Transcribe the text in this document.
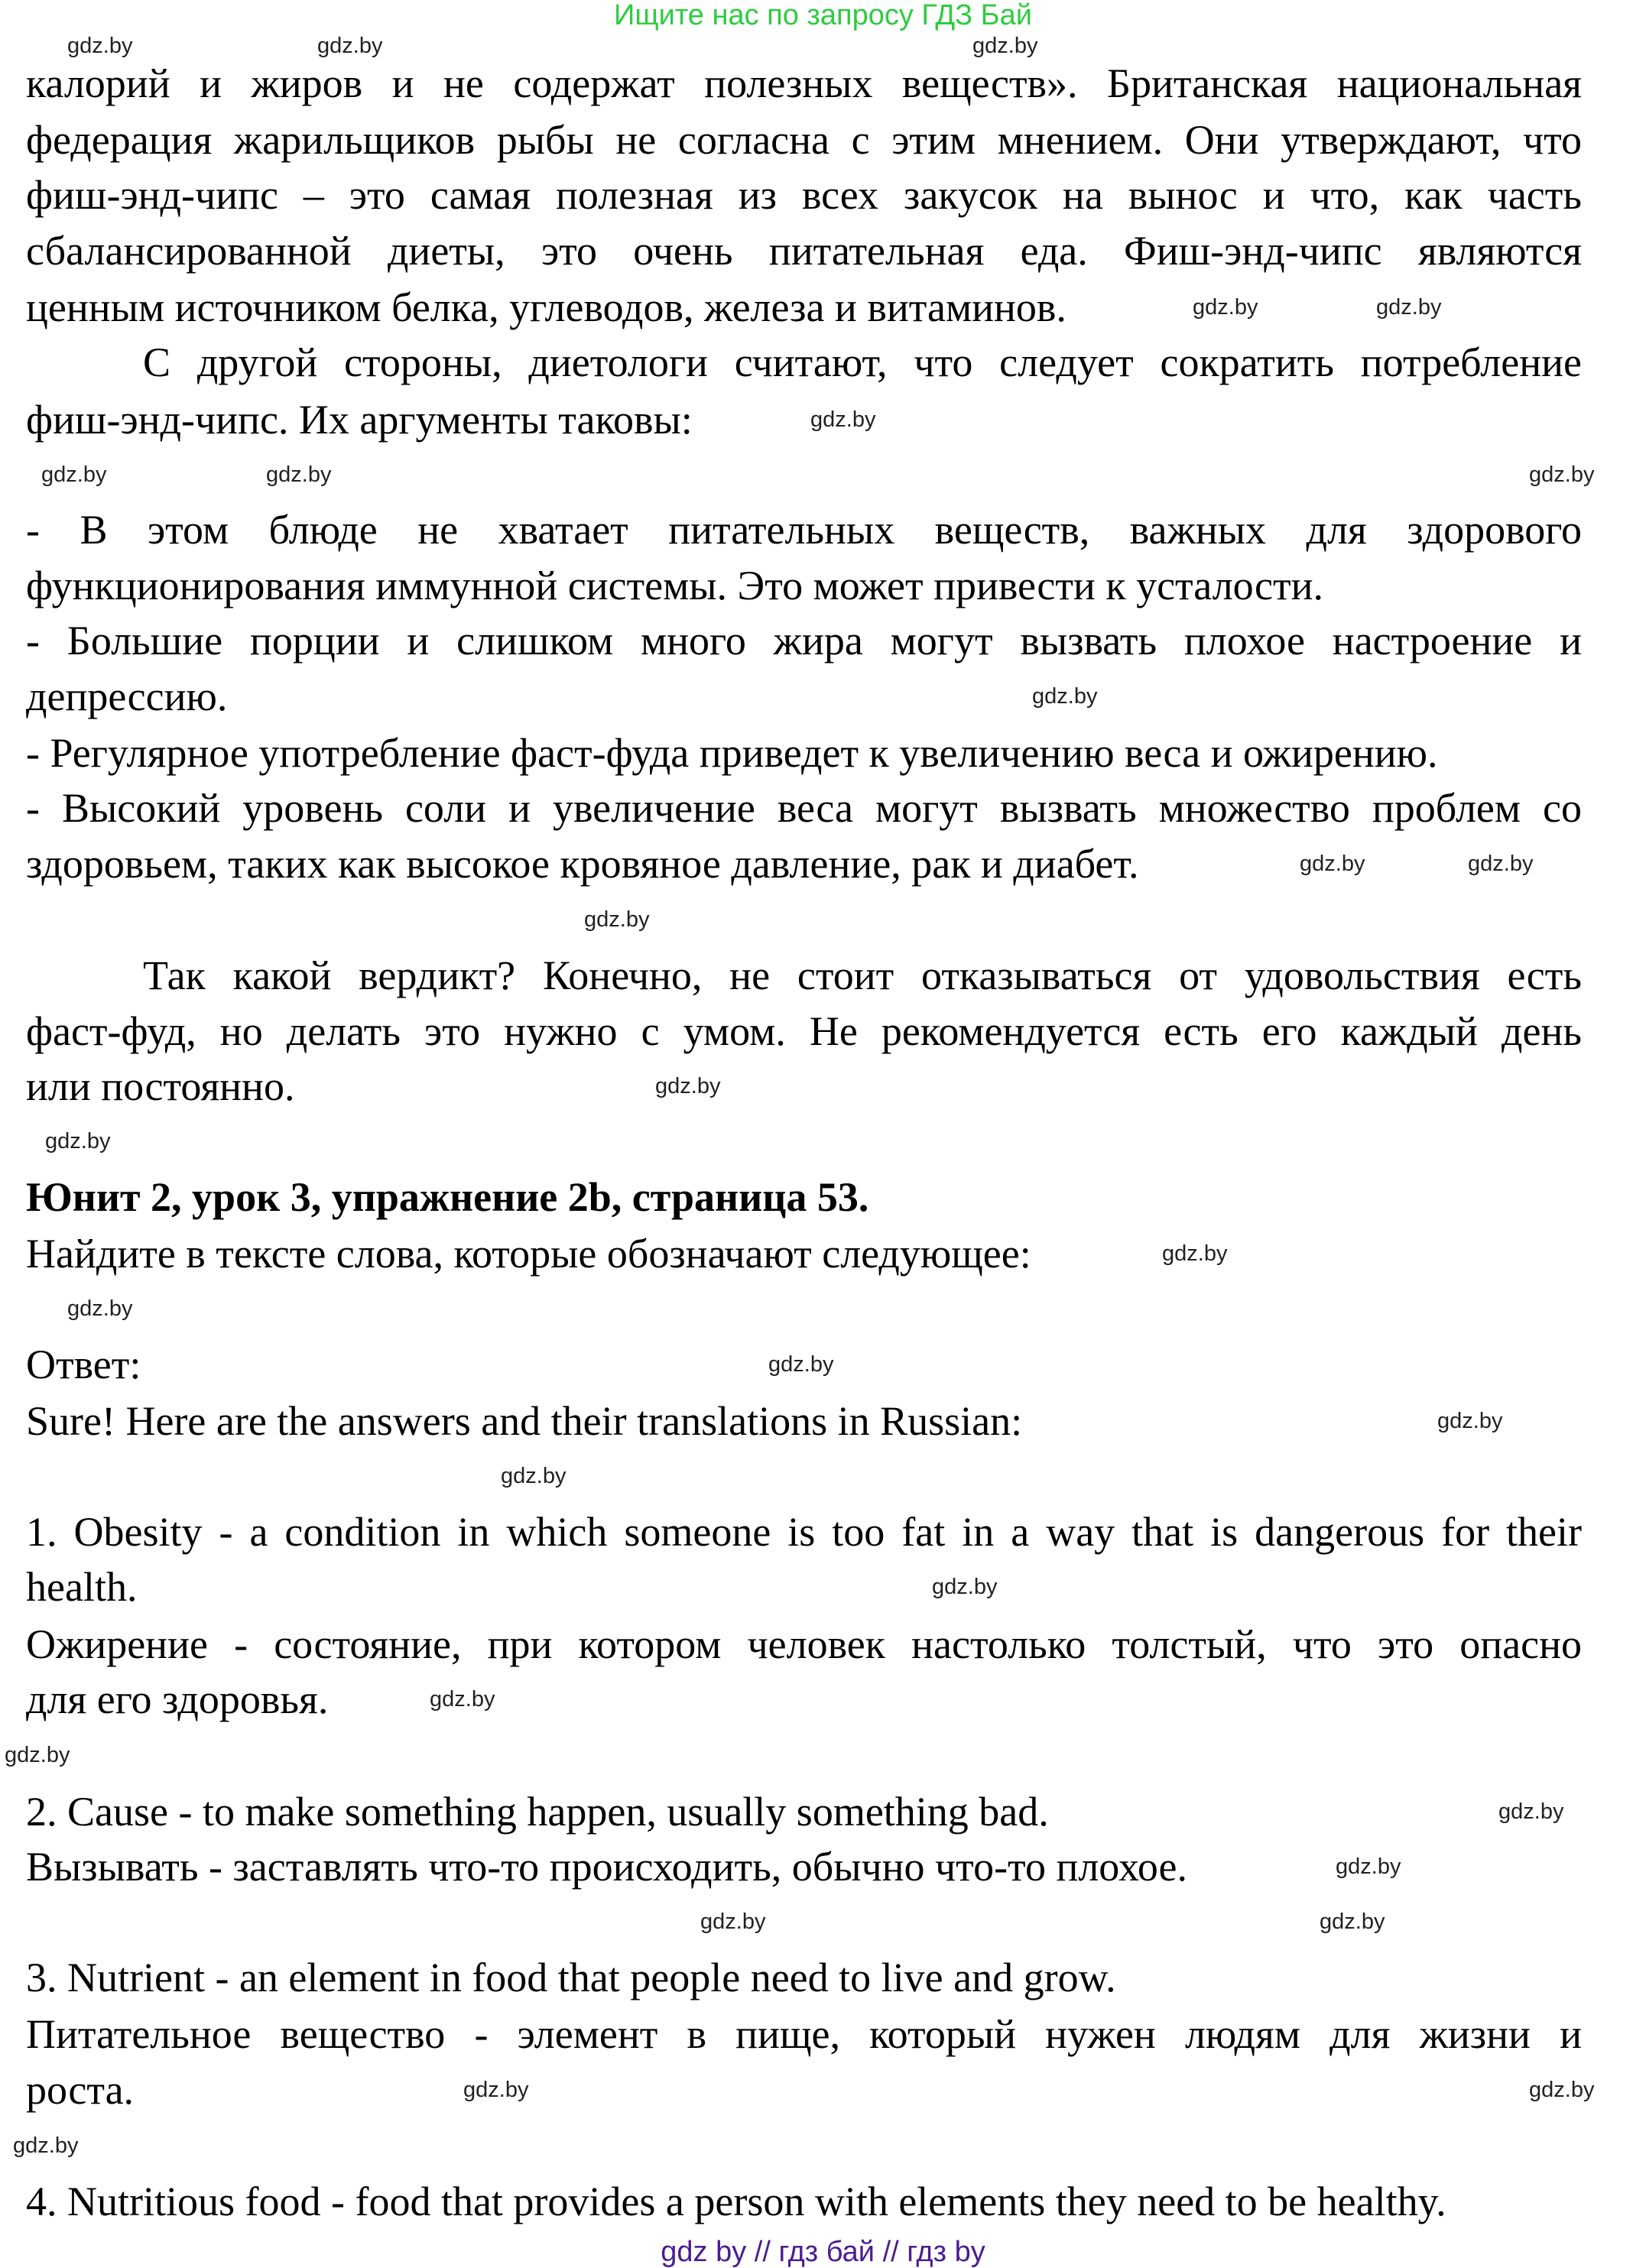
Ищите нас по запросу ГДЗ Бай
калорий и жиров и не содержат полезных веществ». Британская национальная
федерация жарильщиков рыбы не согласна с этим мнением. Они утверждают, что
фиш-энд-чипс – это самая полезная из всех закусок на вынос и что, как часть
сбалансированной диеты, это очень питательная еда. Фиш-энд-чипс являются
ценным источником белка, углеводов, железа и витаминов.
С другой стороны, диетологи считают, что следует сократить потребление
фиш-энд-чипс. Их аргументы таковы:
- В этом блюде не хватает питательных веществ, важных для здорового
функционирования иммунной системы. Это может привести к усталости.
- Большие порции и слишком много жира могут вызвать плохое настроение и
депрессию.
- Регулярное употребление фаст-фуда приведет к увеличению веса и ожирению.
- Высокий уровень соли и увеличение веса могут вызвать множество проблем со
здоровьем, таких как высокое кровяное давление, рак и диабет.
Так какой вердикт? Конечно, не стоит отказываться от удовольствия есть
фаст-фуд, но делать это нужно с умом. Не рекомендуется есть его каждый день
или постоянно.
Юнит 2, урок 3, упражнение 2b, страница 53.
Найдите в тексте слова, которые обозначают следующее:
Ответ:
Sure! Here are the answers and their translations in Russian:
1. Obesity - a condition in which someone is too fat in a way that is dangerous for their
health.
Ожирение - состояние, при котором человек настолько толстый, что это опасно
для его здоровья.
2. Cause - to make something happen, usually something bad.
Вызывать - заставлять что-то происходить, обычно что-то плохое.
3. Nutrient - an element in food that people need to live and grow.
Питательное вещество - элемент в пище, который нужен людям для жизни и
роста.
4. Nutritious food - food that provides a person with elements they need to be healthy.
gdz.by	gdz.by
gdz.by
gdz.by
gdz.by
gdz.by
gdz.by
gdz.by
gdz.by
gdz.by
gdz.by	gdz.by
gdz.by
gdz.by
gdz.by
gdz.by
gdz.by
gdz.by
gdz.by
gdz.by
gdz.by
gdz.by
gdz.by
gdz.by
gdz.by
gdz.by	gdz.by
gdz.by	gdz.by
gdz.by
gdz by // гдз бай // гдз by
